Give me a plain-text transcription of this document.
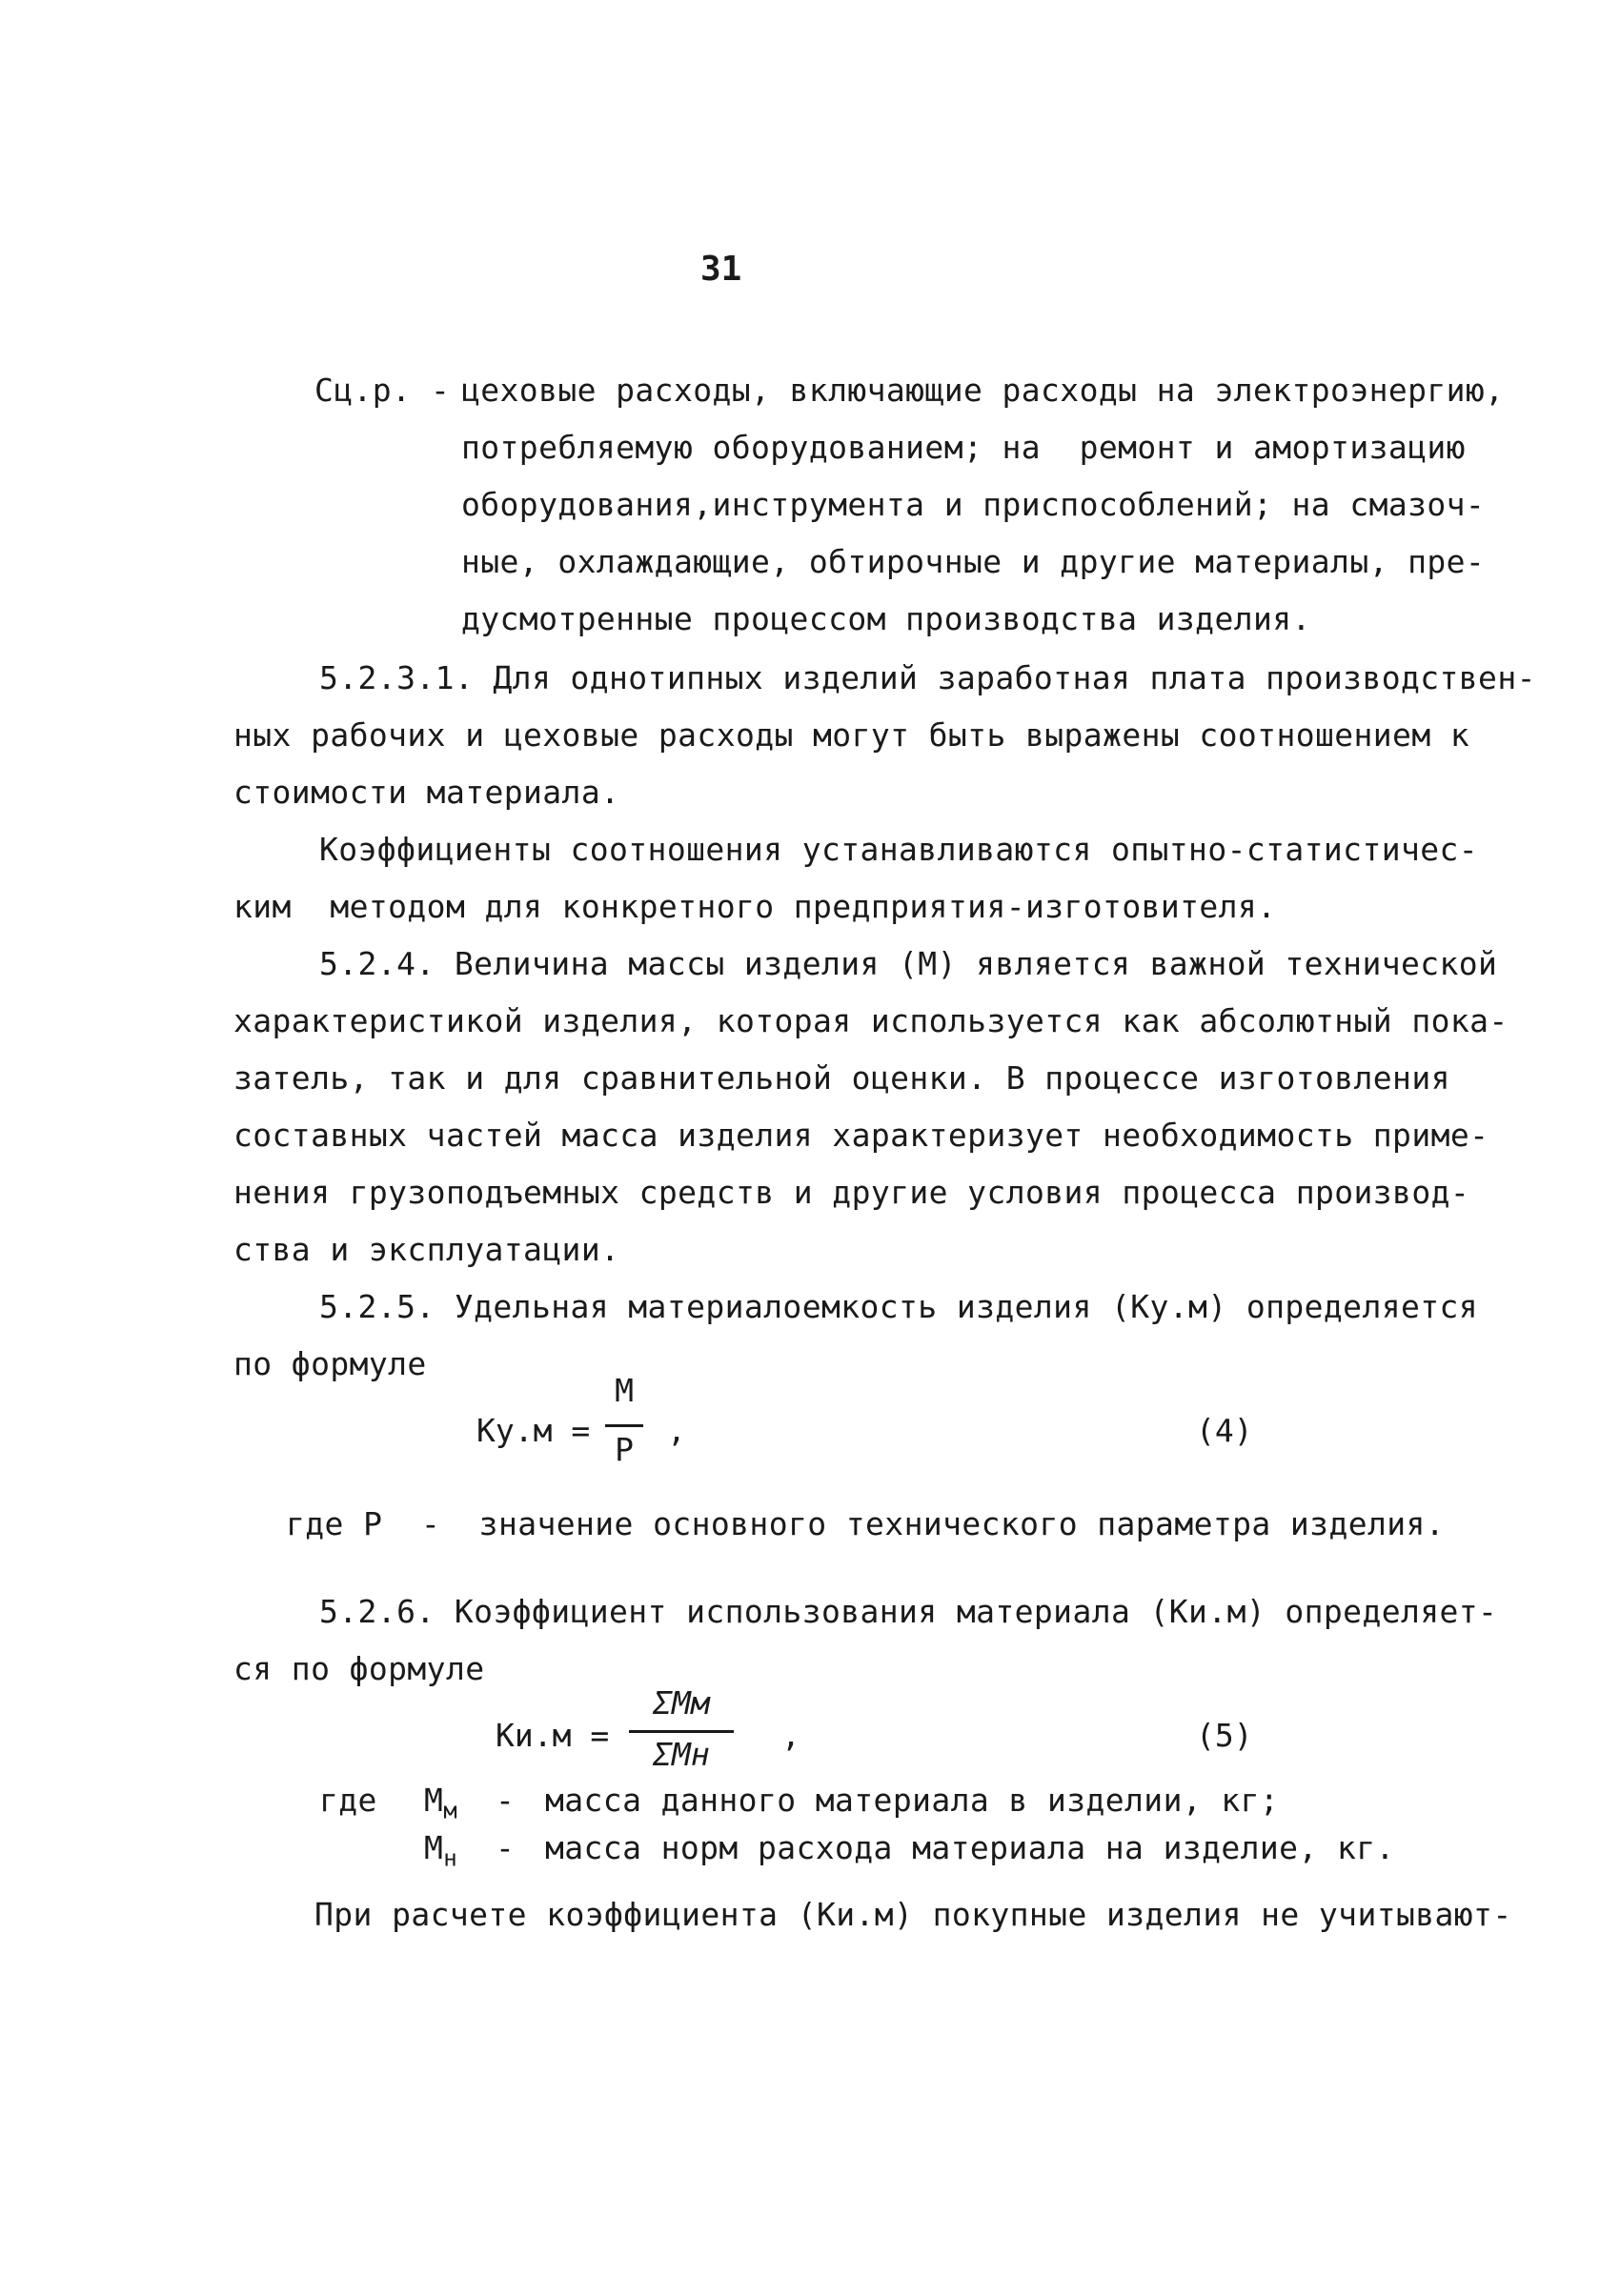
31
Сц.р. - цеховые расходы, включающие расходы на электроэнергию,
потребляемую оборудованием; на  ремонт и амортизацию
оборудования,инструмента и приспособлений; на смазоч-
ные, охлаждающие, обтирочные и другие материалы, пре-
дусмотренные процессом производства изделия.
5.2.3.1. Для однотипных изделий заработная плата производствен-
ных рабочих и цеховые расходы могут быть выражены соотношением к
стоимости материала.
Коэффициенты соотношения устанавливаются опытно-статистичес-
ким  методом для конкретного предприятия-изготовителя.
5.2.4. Величина массы изделия (М) является важной технической
характеристикой изделия, которая используется как абсолютный пока-
затель, так и для сравнительной оценки. В процессе изготовления
составных частей масса изделия характеризует необходимость приме-
нения грузоподъемных средств и другие условия процесса производ-
ства и эксплуатации.
5.2.5. Удельная материалоемкость изделия (Ку.м) определяется
по формуле

Ку.м =

М

Р

,

	(4)

где Р  -  значение основного технического параметра изделия.
5.2.6. Коэффициент использования материала (Ки.м) определяет-
ся по формуле

Ки.м =

ΣМм

ΣМн

,

	(5)

где $М_м$ - масса данного материала в изделии, кг;
$М_н$ - масса норм расхода материала на изделие, кг.
При расчете коэффициента (Ки.м) покупные изделия не учитывают-
